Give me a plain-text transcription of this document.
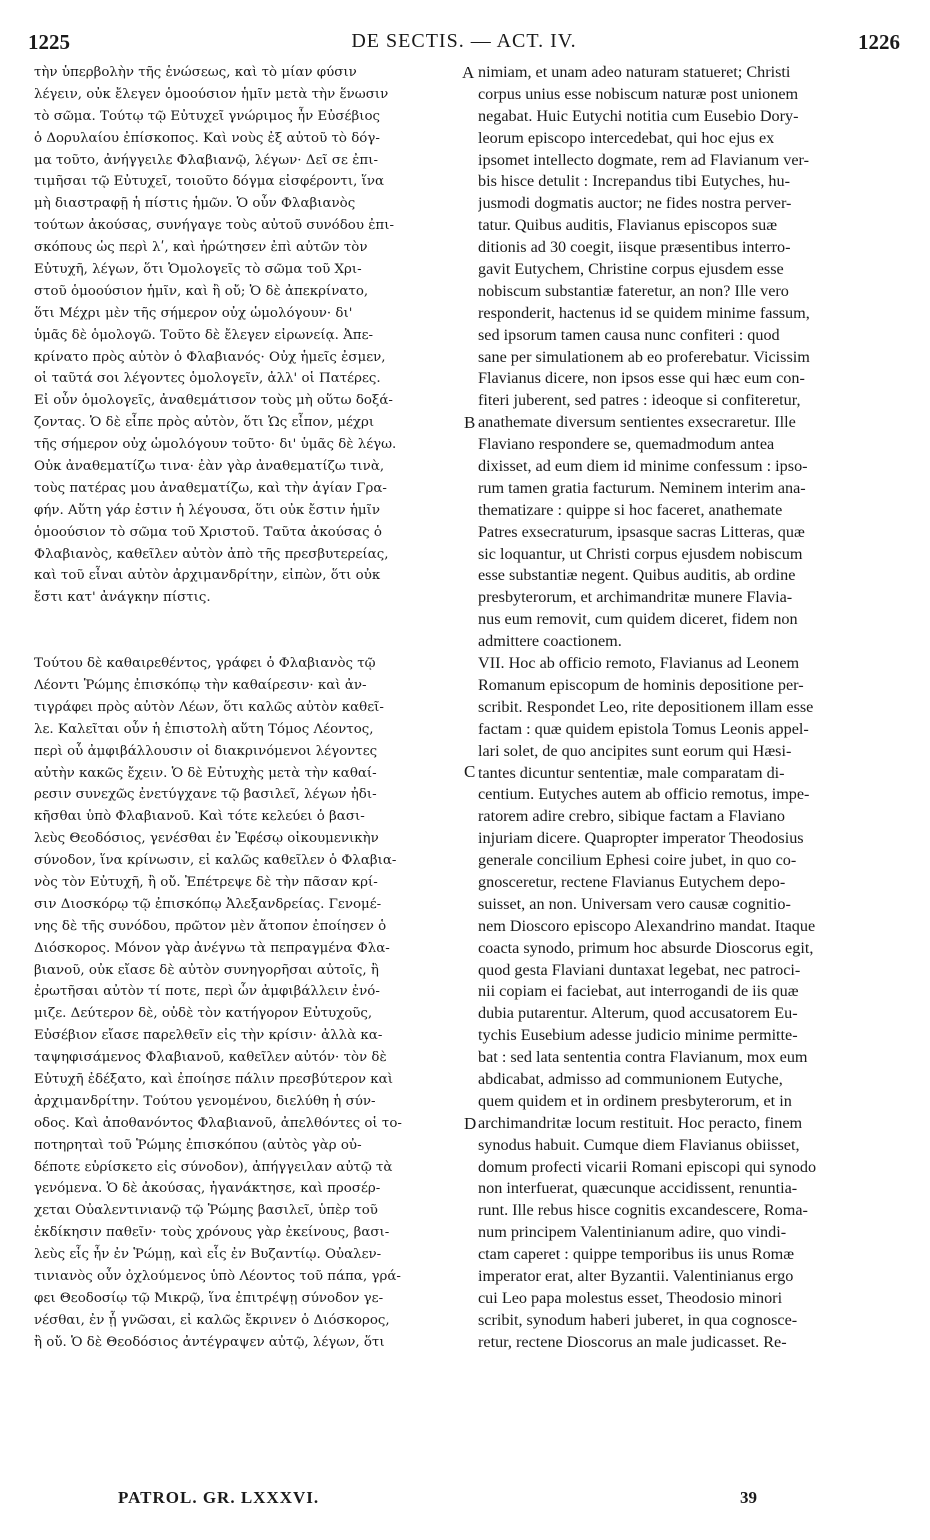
1225	DE SECTIS. — ACT. IV.	1226
τὴν ὑπερβολὴν τῆς ἑνώσεως, καὶ τὸ μίαν φύσιν
λέγειν, οὐκ ἔλεγεν ὁμοούσιον ἡμῖν μετὰ τὴν ἕνωσιν
τὸ σῶμα. Τούτῳ τῷ Εὐτυχεῖ γνώριμος ἦν Εὐσέβιος
ὁ Δορυλαίου ἐπίσκοπος. Καὶ νοὺς ἐξ αὐτοῦ τὸ δόγ-
μα τοῦτο, ἀνήγγειλε Φλαβιανῷ, λέγων· Δεῖ σε ἐπι-
τιμῆσαι τῷ Εὐτυχεῖ, τοιοῦτο δόγμα εἰσφέροντι, ἵνα
μὴ διαστραφῇ ἡ πίστις ἡμῶν. Ὁ οὖν Φλαβιανὸς
τούτων ἀκούσας, συνήγαγε τοὺς αὐτοῦ συνόδου ἐπι-
σκόπους ὡς περὶ λʹ, καὶ ἠρώτησεν ἐπὶ αὐτῶν τὸν
Εὐτυχῆ, λέγων, ὅτι Ὁμολογεῖς τὸ σῶμα τοῦ Χρι-
στοῦ ὁμοούσιον ἡμῖν, καὶ ἢ οὔ; Ὁ δὲ ἀπεκρίνατο,
ὅτι Μέχρι μὲν τῆς σήμερον οὐχ ὡμολόγουν· δι'
ὑμᾶς δὲ ὁμολογῶ. Τοῦτο δὲ ἔλεγεν εἰρωνείᾳ. Ἀπε-
κρίνατο πρὸς αὐτὸν ὁ Φλαβιανός· Οὐχ ἡμεῖς ἐσμεν,
οἱ ταῦτά σοι λέγοντες ὁμολογεῖν, ἀλλ' οἱ Πατέρες.
Εἰ οὖν ὁμολογεῖς, ἀναθεμάτισον τοὺς μὴ οὕτω δοξά-
ζοντας. Ὁ δὲ εἶπε πρὸς αὐτὸν, ὅτι Ὡς εἶπον, μέχρι
τῆς σήμερον οὐχ ὡμολόγουν τοῦτο· δι' ὑμᾶς δὲ λέγω.
Οὐκ ἀναθεματίζω τινα· ἐὰν γὰρ ἀναθεματίζω τινὰ,
τοὺς πατέρας μου ἀναθεματίζω, καὶ τὴν ἁγίαν Γρα-
φήν. Αὕτη γάρ ἐστιν ἡ λέγουσα, ὅτι οὐκ ἔστιν ἡμῖν
ὁμοούσιον τὸ σῶμα τοῦ Χριστοῦ. Ταῦτα ἀκούσας ὁ
Φλαβιανὸς, καθεῖλεν αὐτὸν ἀπὸ τῆς πρεσβυτερείας,
καὶ τοῦ εἶναι αὐτὸν ἀρχιμανδρίτην, εἰπὼν, ὅτι οὐκ
ἔστι κατ' ἀνάγκην πίστις.
Τούτου δὲ καθαιρεθέντος, γράφει ὁ Φλαβιανὸς τῷ
Λέοντι Ῥώμης ἐπισκόπῳ τὴν καθαίρεσιν· καὶ ἀν-
τιγράφει πρὸς αὐτὸν Λέων, ὅτι καλῶς αὐτὸν καθεῖ-
λε. Καλεῖται οὖν ἡ ἐπιστολὴ αὕτη Τόμος Λέοντος,
περὶ οὗ ἀμφιβάλλουσιν οἱ διακρινόμενοι λέγοντες
αὐτὴν κακῶς ἔχειν. Ὁ δὲ Εὐτυχὴς μετὰ τὴν καθαί-
ρεσιν συνεχῶς ἐνετύγχανε τῷ βασιλεῖ, λέγων ἠδι-
κῆσθαι ὑπὸ Φλαβιανοῦ. Καὶ τότε κελεύει ὁ βασι-
λεὺς Θεοδόσιος, γενέσθαι ἐν Ἐφέσῳ οἰκουμενικὴν
σύνοδον, ἵνα κρίνωσιν, εἰ καλῶς καθεῖλεν ὁ Φλαβια-
νὸς τὸν Εὐτυχῆ, ἢ οὔ. Ἐπέτρεψε δὲ τὴν πᾶσαν κρί-
σιν Διοσκόρῳ τῷ ἐπισκόπῳ Ἀλεξανδρείας. Γενομέ-
νης δὲ τῆς συνόδου, πρῶτον μὲν ἄτοπον ἐποίησεν ὁ
Διόσκορος. Μόνον γὰρ ἀνέγνω τὰ πεπραγμένα Φλα-
βιανοῦ, οὐκ εἴασε δὲ αὐτὸν συνηγορῆσαι αὐτοῖς, ἢ
ἐρωτῆσαι αὐτὸν τί ποτε, περὶ ὧν ἀμφιβάλλειν ἐνό-
μιζε. Δεύτερον δὲ, οὐδὲ τὸν κατήγορον Εὐτυχοῦς,
Εὐσέβιον εἴασε παρελθεῖν εἰς τὴν κρίσιν· ἀλλὰ κα-
ταψηφισάμενος Φλαβιανοῦ, καθεῖλεν αὐτόν· τὸν δὲ
Εὐτυχῆ ἐδέξατο, καὶ ἐποίησε πάλιν πρεσβύτερον καὶ
ἀρχιμανδρίτην. Τούτου γενομένου, διελύθη ἡ σύν-
οδος. Καὶ ἀποθανόντος Φλαβιανοῦ, ἀπελθόντες οἱ το-
ποτηρηταὶ τοῦ Ῥώμης ἐπισκόπου (αὐτὸς γὰρ οὐ-
δέποτε εὑρίσκετο εἰς σύνοδον), ἀπήγγειλαν αὐτῷ τὰ
γενόμενα. Ὁ δὲ ἀκούσας, ἠγανάκτησε, καὶ προσέρ-
χεται Οὐαλεντινιανῷ τῷ Ῥώμης βασιλεῖ, ὑπὲρ τοῦ
ἐκδίκησιν παθεῖν· τοὺς χρόνους γὰρ ἐκείνους, βασι-
λεὺς εἷς ἦν ἐν Ῥώμῃ, καὶ εἷς ἐν Βυζαντίῳ. Οὐαλεν-
τινιανὸς οὖν ὀχλούμενος ὑπὸ Λέοντος τοῦ πάπα, γρά-
φει Θεοδοσίῳ τῷ Μικρῷ, ἵνα ἐπιτρέψῃ σύνοδον γε-
νέσθαι, ἐν ᾗ γνῶσαι, εἰ καλῶς ἔκρινεν ὁ Διόσκορος,
ἢ οὔ. Ὁ δὲ Θεοδόσιος ἀντέγραψεν αὐτῷ, λέγων, ὅτι
A
B
C
D
nimiam, et unam adeo naturam statueret; Christi
corpus unius esse nobiscum naturæ post unionem
negabat. Huic Eutychi notitia cum Eusebio Dory-
leorum episcopo intercedebat, qui hoc ejus ex
ipsomet intellecto dogmate, rem ad Flavianum ver-
bis hisce detulit : Increpandus tibi Eutyches, hu-
jusmodi dogmatis auctor; ne fides nostra perver-
tatur. Quibus auditis, Flavianus episcopos suæ
ditionis ad 30 coegit, iisque præsentibus interro-
gavit Eutychem, Christine corpus ejusdem esse
nobiscum substantiæ fateretur, an non? Ille vero
responderit, hactenus id se quidem minime fassum,
sed ipsorum tamen causa nunc confiteri : quod
sane per simulationem ab eo proferebatur. Vicissim
Flavianus dicere, non ipsos esse qui hæc eum con-
fiteri juberent, sed patres : ideoque si confiteretur,
anathemate diversum sentientes exsecraretur. Ille
Flaviano respondere se, quemadmodum antea
dixisset, ad eum diem id minime confessum : ipso-
rum tamen gratia facturum. Neminem interim ana-
thematizare : quippe si hoc faceret, anathemate
Patres exsecraturum, ipsasque sacras Litteras, quæ
sic loquantur, ut Christi corpus ejusdem nobiscum
esse substantiæ negent. Quibus auditis, ab ordine
presbyterorum, et archimandritæ munere Flavia-
nus eum removit, cum quidem diceret, fidem non
admittere coactionem.
VII. Hoc ab officio remoto, Flavianus ad Leonem
Romanum episcopum de hominis depositione per-
scribit. Respondet Leo, rite depositionem illam esse
factam : quæ quidem epistola Tomus Leonis appel-
lari solet, de quo ancipites sunt eorum qui Hæsi-
tantes dicuntur sententiæ, male comparatam di-
centium. Eutyches autem ab officio remotus, impe-
ratorem adire crebro, sibique factam a Flaviano
injuriam dicere. Quapropter imperator Theodosius
generale concilium Ephesi coire jubet, in quo co-
gnosceretur, rectene Flavianus Eutychem depo-
suisset, an non. Universam vero causæ cognitio-
nem Dioscoro episcopo Alexandrino mandat. Itaque
coacta synodo, primum hoc absurde Dioscorus egit,
quod gesta Flaviani duntaxat legebat, nec patroci-
nii copiam ei faciebat, aut interrogandi de iis quæ
dubia putarentur. Alterum, quod accusatorem Eu-
tychis Eusebium adesse judicio minime permitte-
bat : sed lata sententia contra Flavianum, mox eum
abdicabat, admisso ad communionem Eutyche,
quem quidem et in ordinem presbyterorum, et in
archimandritæ locum restituit. Hoc peracto, finem
synodus habuit. Cumque diem Flavianus obiisset,
domum profecti vicarii Romani episcopi qui synodo
non interfuerat, quæcunque accidissent, renuntia-
runt. Ille rebus hisce cognitis excandescere, Roma-
num principem Valentinianum adire, quo vindi-
ctam caperet : quippe temporibus iis unus Romæ
imperator erat, alter Byzantii. Valentinianus ergo
cui Leo papa molestus esset, Theodosio minori
scribit, synodum haberi juberet, in qua cognosce-
retur, rectene Dioscorus an male judicasset. Re-
PATROL. GR. LXXXVI.	39
